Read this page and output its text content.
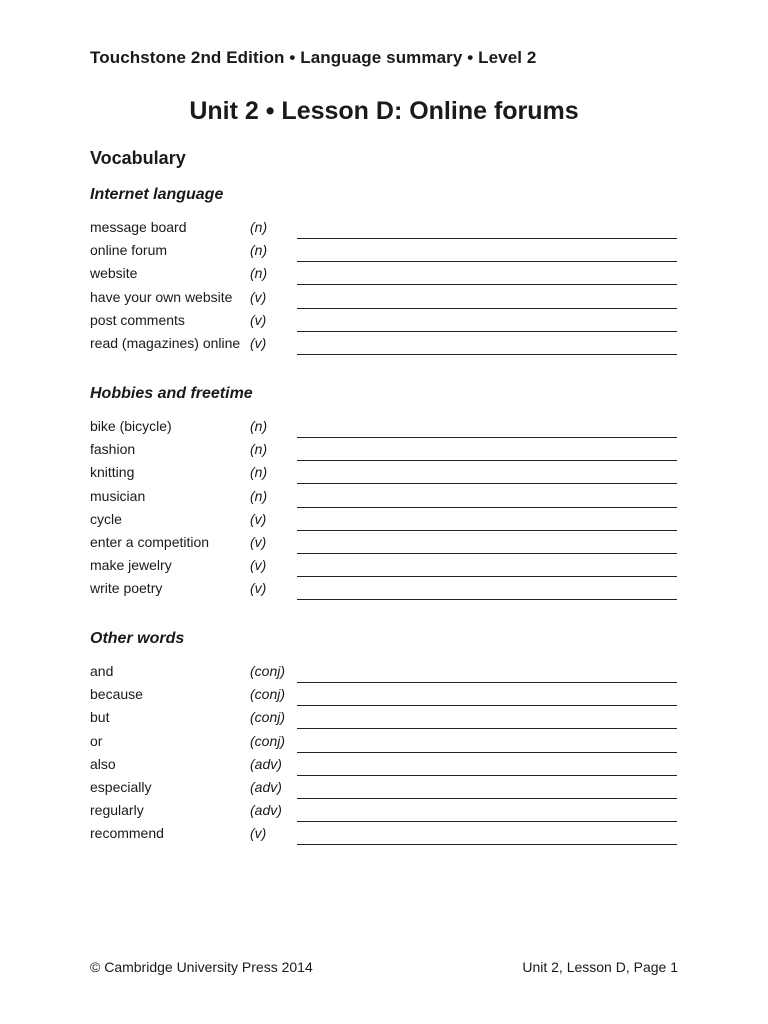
Touchstone 2nd Edition • Language summary • Level 2
Unit 2 • Lesson D: Online forums
Vocabulary
Internet language
message board	(n)
online forum	(n)
website	(n)
have your own website (v)
post comments	(v)
read (magazines) online (v)
Hobbies and freetime
bike (bicycle)	(n)
fashion	(n)
knitting	(n)
musician	(n)
cycle	(v)
enter a competition	(v)
make jewelry	(v)
write poetry	(v)
Other words
and	(conj)
because	(conj)
but	(conj)
or	(conj)
also	(adv)
especially	(adv)
regularly	(adv)
recommend	(v)
© Cambridge University Press 2014	Unit 2, Lesson D, Page 1
